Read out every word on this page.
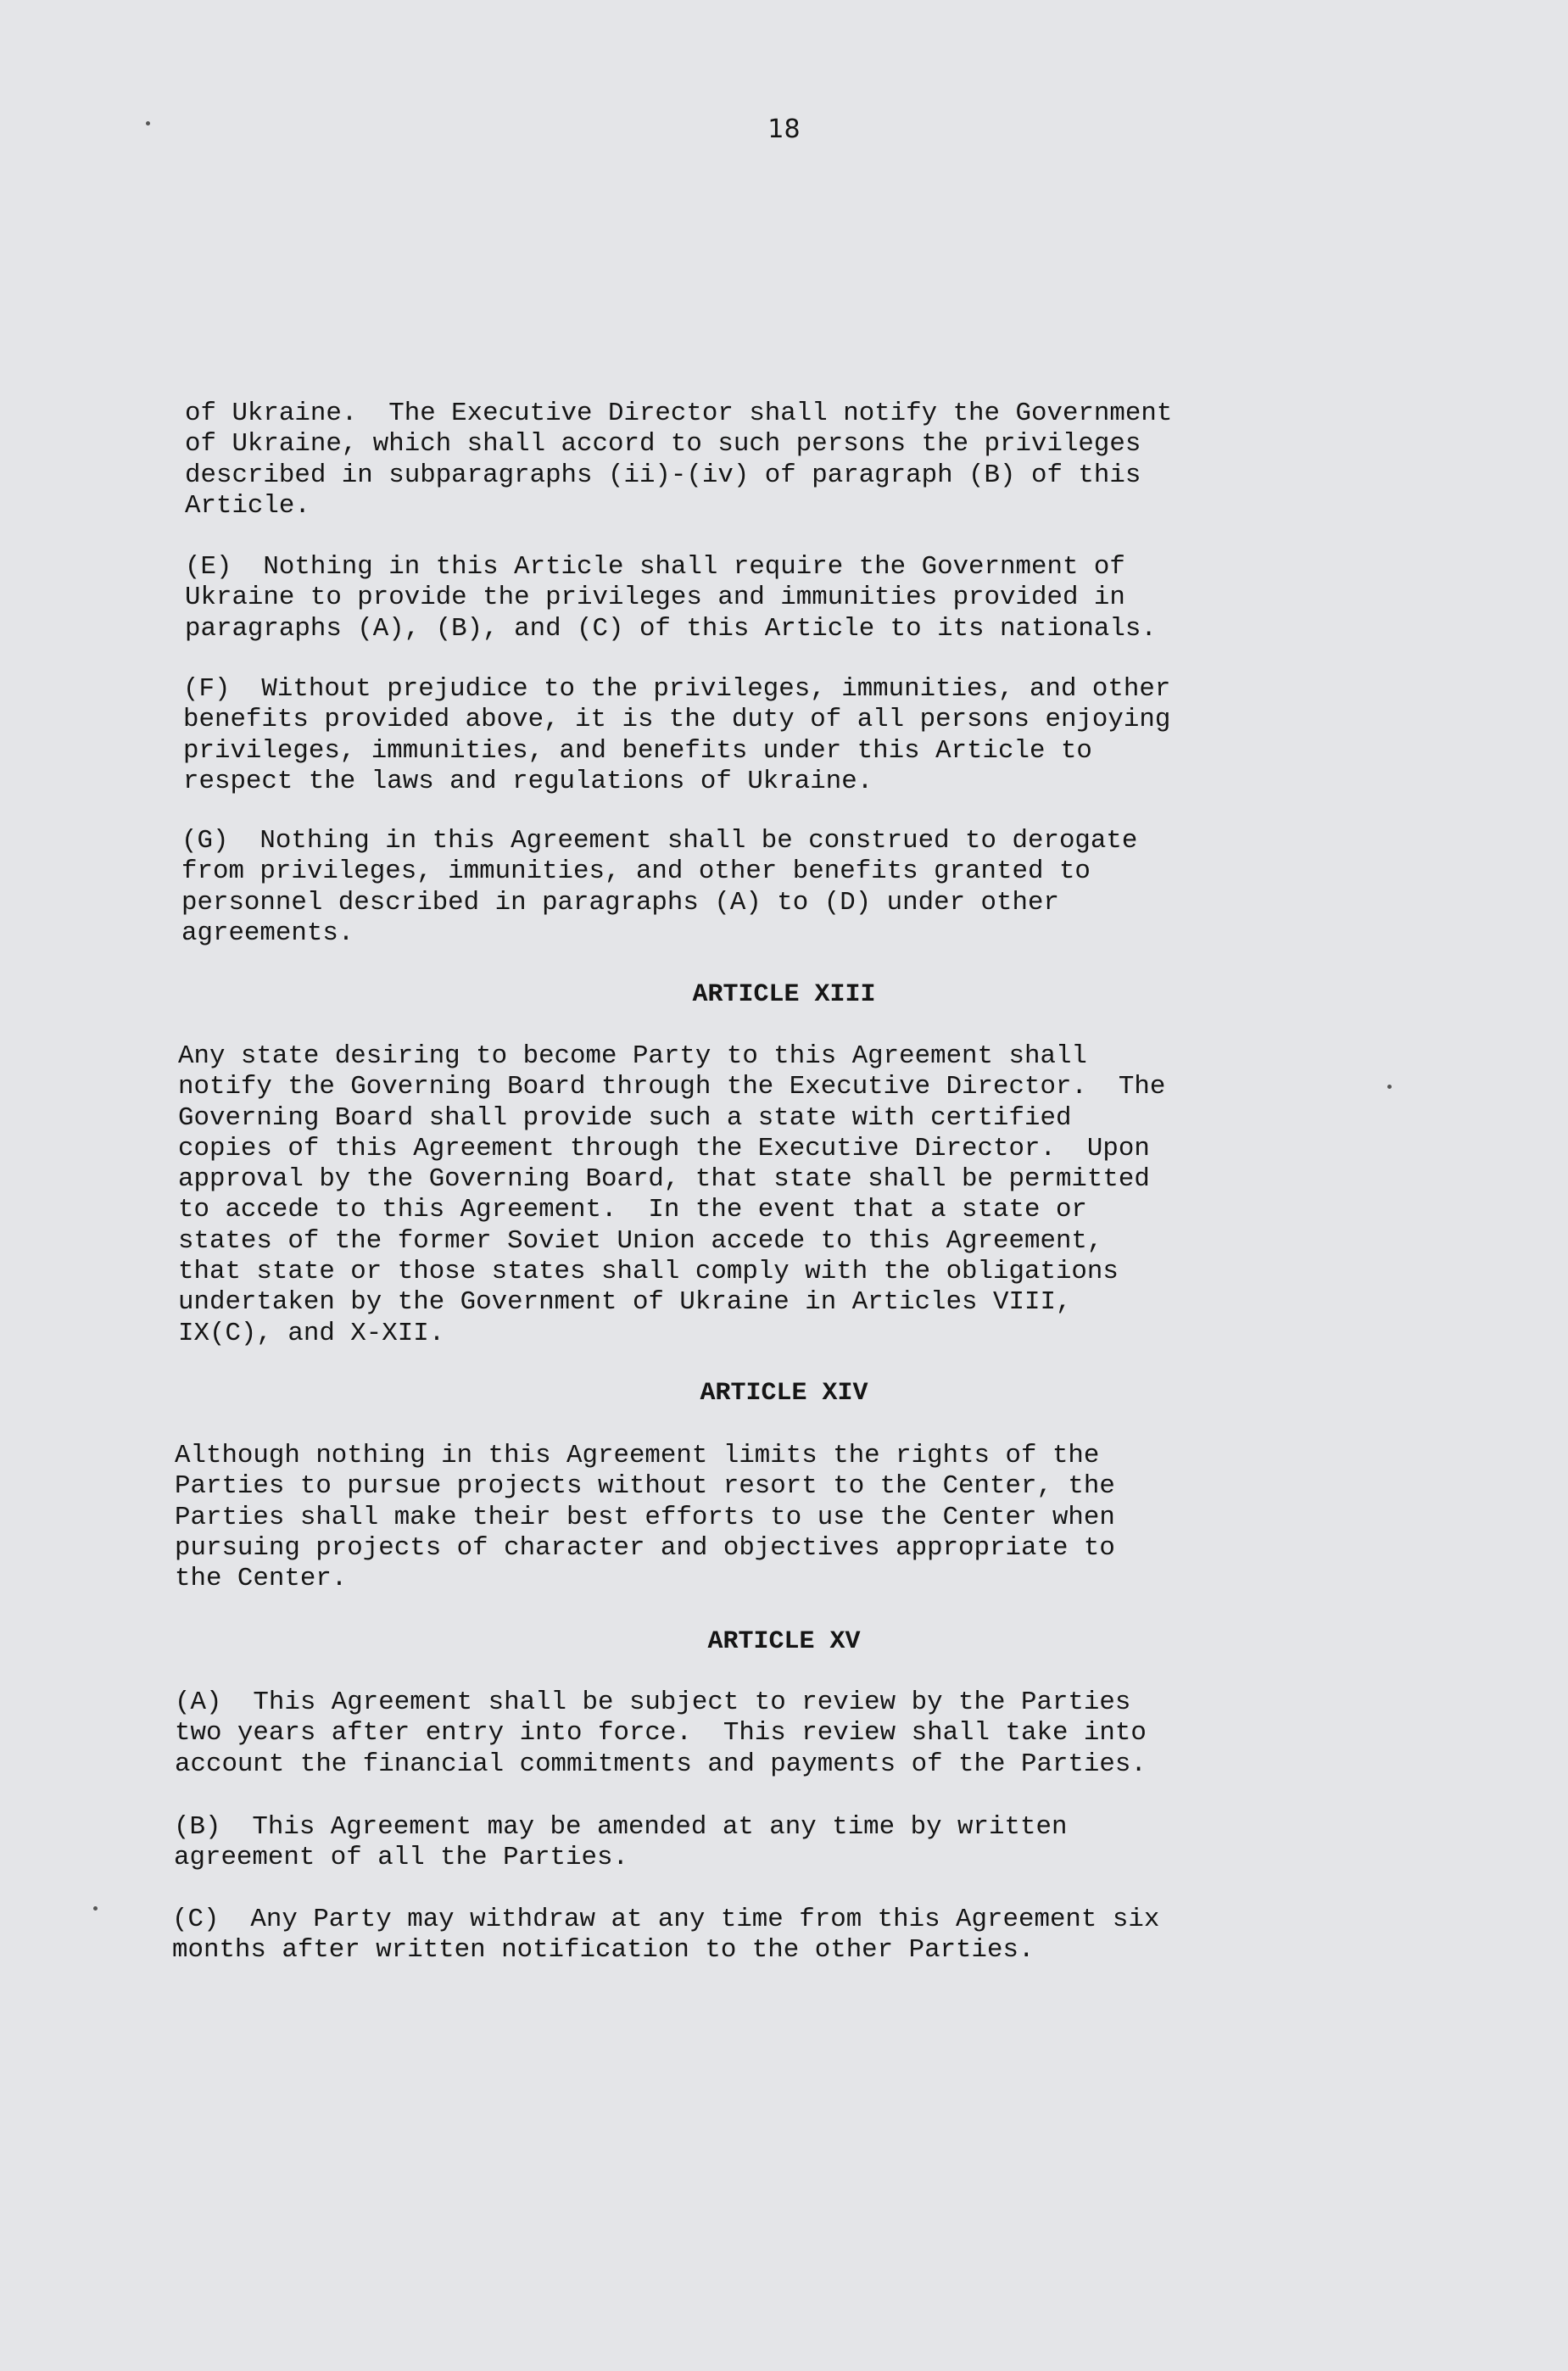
18

of Ukraine.  The Executive Director shall notify the Government
of Ukraine, which shall accord to such persons the privileges
described in subparagraphs (ii)-(iv) of paragraph (B) of this
Article.

(E)  Nothing in this Article shall require the Government of
Ukraine to provide the privileges and immunities provided in
paragraphs (A), (B), and (C) of this Article to its nationals.

(F)  Without prejudice to the privileges, immunities, and other
benefits provided above, it is the duty of all persons enjoying
privileges, immunities, and benefits under this Article to
respect the laws and regulations of Ukraine.

(G)  Nothing in this Agreement shall be construed to derogate
from privileges, immunities, and other benefits granted to
personnel described in paragraphs (A) to (D) under other
agreements.

ARTICLE XIII

Any state desiring to become Party to this Agreement shall
notify the Governing Board through the Executive Director.  The
Governing Board shall provide such a state with certified
copies of this Agreement through the Executive Director.  Upon
approval by the Governing Board, that state shall be permitted
to accede to this Agreement.  In the event that a state or
states of the former Soviet Union accede to this Agreement,
that state or those states shall comply with the obligations
undertaken by the Government of Ukraine in Articles VIII,
IX(C), and X-XII.

ARTICLE XIV

Although nothing in this Agreement limits the rights of the
Parties to pursue projects without resort to the Center, the
Parties shall make their best efforts to use the Center when
pursuing projects of character and objectives appropriate to
the Center.

ARTICLE XV

(A)  This Agreement shall be subject to review by the Parties
two years after entry into force.  This review shall take into
account the financial commitments and payments of the Parties.

(B)  This Agreement may be amended at any time by written
agreement of all the Parties.

(C)  Any Party may withdraw at any time from this Agreement six
months after written notification to the other Parties.
